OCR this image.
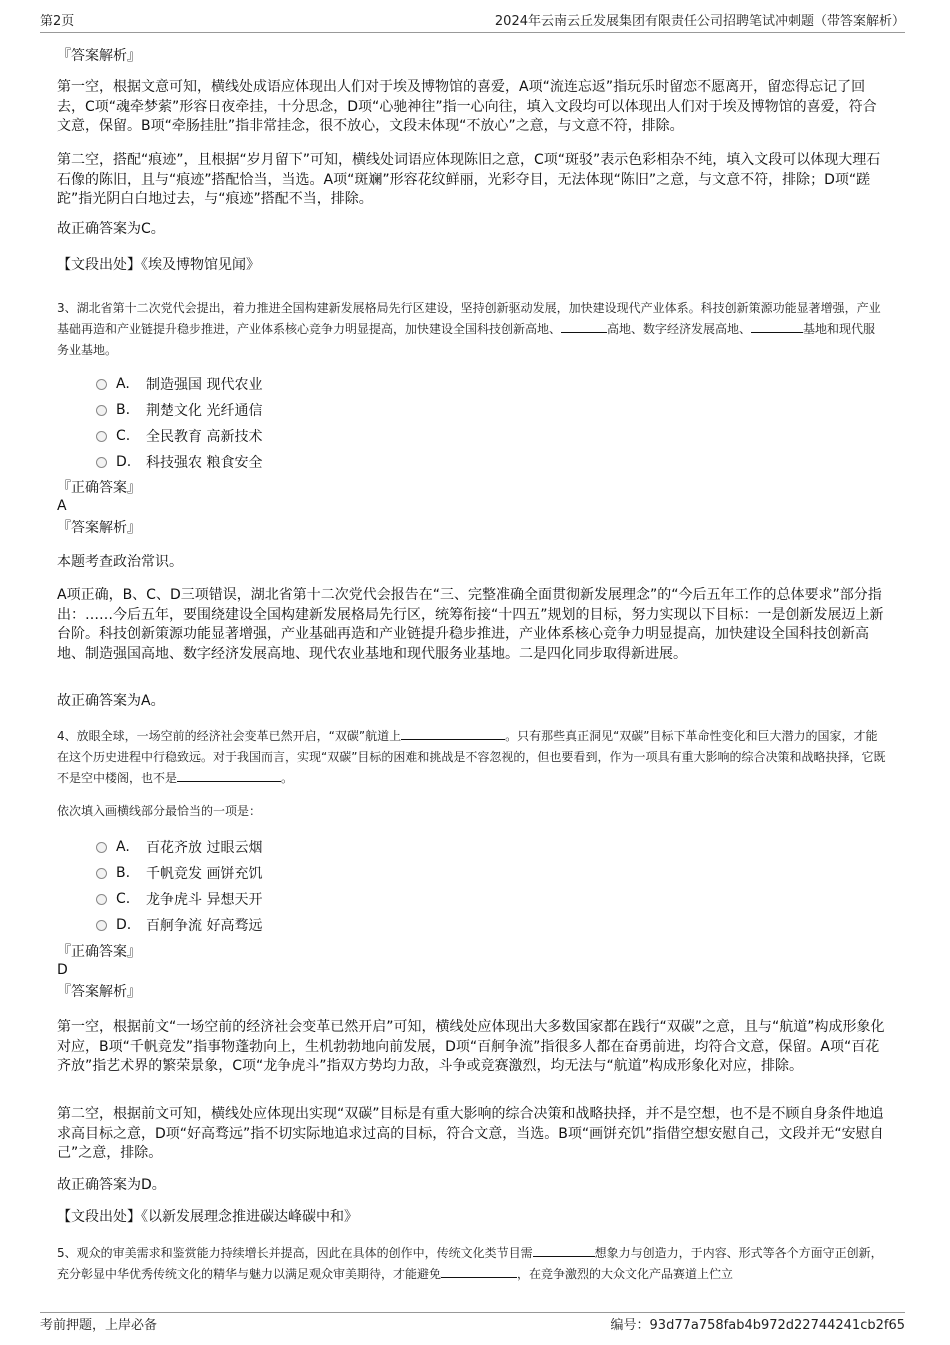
第2页	2024年云南云丘发展集团有限责任公司招聘笔试冲刺题（带答案解析）
『答案解析』
第一空，根据文意可知，横线处成语应体现出人们对于埃及博物馆的喜爱，A项“流连忘返”指玩乐时留恋不愿离开，留恋得忘记了回去，C项“魂牵梦萦”形容日夜牵挂，十分思念，D项“心驰神往”指一心向往，填入文段均可以体现出人们对于埃及博物馆的喜爱，符合文意，保留。B项“牵肠挂肚”指非常挂念，很不放心，文段未体现“不放心”之意，与文意不符，排除。
第二空，搭配“痕迹”，且根据“岁月留下”可知，横线处词语应体现陈旧之意，C项“斑驳”表示色彩相杂不纯，填入文段可以体现大理石石像的陈旧，且与“痕迹”搭配恰当，当选。A项“斑斓”形容花纹鲜丽，光彩夺目，无法体现“陈旧”之意，与文意不符，排除；D项“蹉跎”指光阴白白地过去，与“痕迹”搭配不当，排除。
故正确答案为C。
【文段出处】《埃及博物馆见闻》
3、湖北省第十二次党代会提出，着力推进全国构建新发展格局先行区建设，坚持创新驱动发展，加快建设现代产业体系。科技创新策源功能显著增强，产业基础再造和产业链提升稳步推进，产业体系核心竞争力明显提高，加快建设全国科技创新高地、	高地、数字经济发展高地、	基地和现代服务业基地。
A.	制造强国 现代农业
B.	荆楚文化 光纤通信
C.	全民教育 高新技术
D.	科技强农 粮食安全
『正确答案』
A
『答案解析』
本题考查政治常识。
A项正确，B、C、D三项错误，湖北省第十二次党代会报告在“三、完整准确全面贯彻新发展理念”的“今后五年工作的总体要求”部分指出：……今后五年，要围绕建设全国构建新发展格局先行区，统筹衔接“十四五”规划的目标，努力实现以下目标：一是创新发展迈上新台阶。科技创新策源功能显著增强，产业基础再造和产业链提升稳步推进，产业体系核心竞争力明显提高，加快建设全国科技创新高地、制造强国高地、数字经济发展高地、现代农业基地和现代服务业基地。二是四化同步取得新进展。
故正确答案为A。
4、放眼全球，一场空前的经济社会变革已然开启，“双碳”航道上	。只有那些真正洞见“双碳”目标下革命性变化和巨大潜力的国家，才能在这个历史进程中行稳致远。对于我国而言，实现“双碳”目标的困难和挑战是不容忽视的，但也要看到，作为一项具有重大影响的综合决策和战略抉择，它既不是空中楼阁，也不是	。
依次填入画横线部分最恰当的一项是：
A.	百花齐放 过眼云烟
B.	千帆竞发 画饼充饥
C.	龙争虎斗 异想天开
D.	百舸争流 好高骛远
『正确答案』
D
『答案解析』
第一空，根据前文“一场空前的经济社会变革已然开启”可知，横线处应体现出大多数国家都在践行“双碳”之意，且与“航道”构成形象化对应，B项“千帆竞发”指事物蓬勃向上，生机勃勃地向前发展，D项“百舸争流”指很多人都在奋勇前进，均符合文意，保留。A项“百花齐放”指艺术界的繁荣景象，C项“龙争虎斗”指双方势均力敌，斗争或竞赛激烈，均无法与“航道”构成形象化对应，排除。
第二空，根据前文可知，横线处应体现出实现“双碳”目标是有重大影响的综合决策和战略抉择，并不是空想，也不是不顾自身条件地追求高目标之意，D项“好高骛远”指不切实际地追求过高的目标，符合文意，当选。B项“画饼充饥”指借空想安慰自己，文段并无“安慰自己”之意，排除。
故正确答案为D。
【文段出处】《以新发展理念推进碳达峰碳中和》
5、观众的审美需求和鉴赏能力持续增长并提高，因此在具体的创作中，传统文化类节目需	想象力与创造力，于内容、形式等各个方面守正创新，充分彰显中华优秀传统文化的精华与魅力以满足观众审美期待，才能避免	，在竞争激烈的大众文化产品赛道上伫立
考前押题，上岸必备	编号：93d77a758fab4b972d22744241cb2f65
